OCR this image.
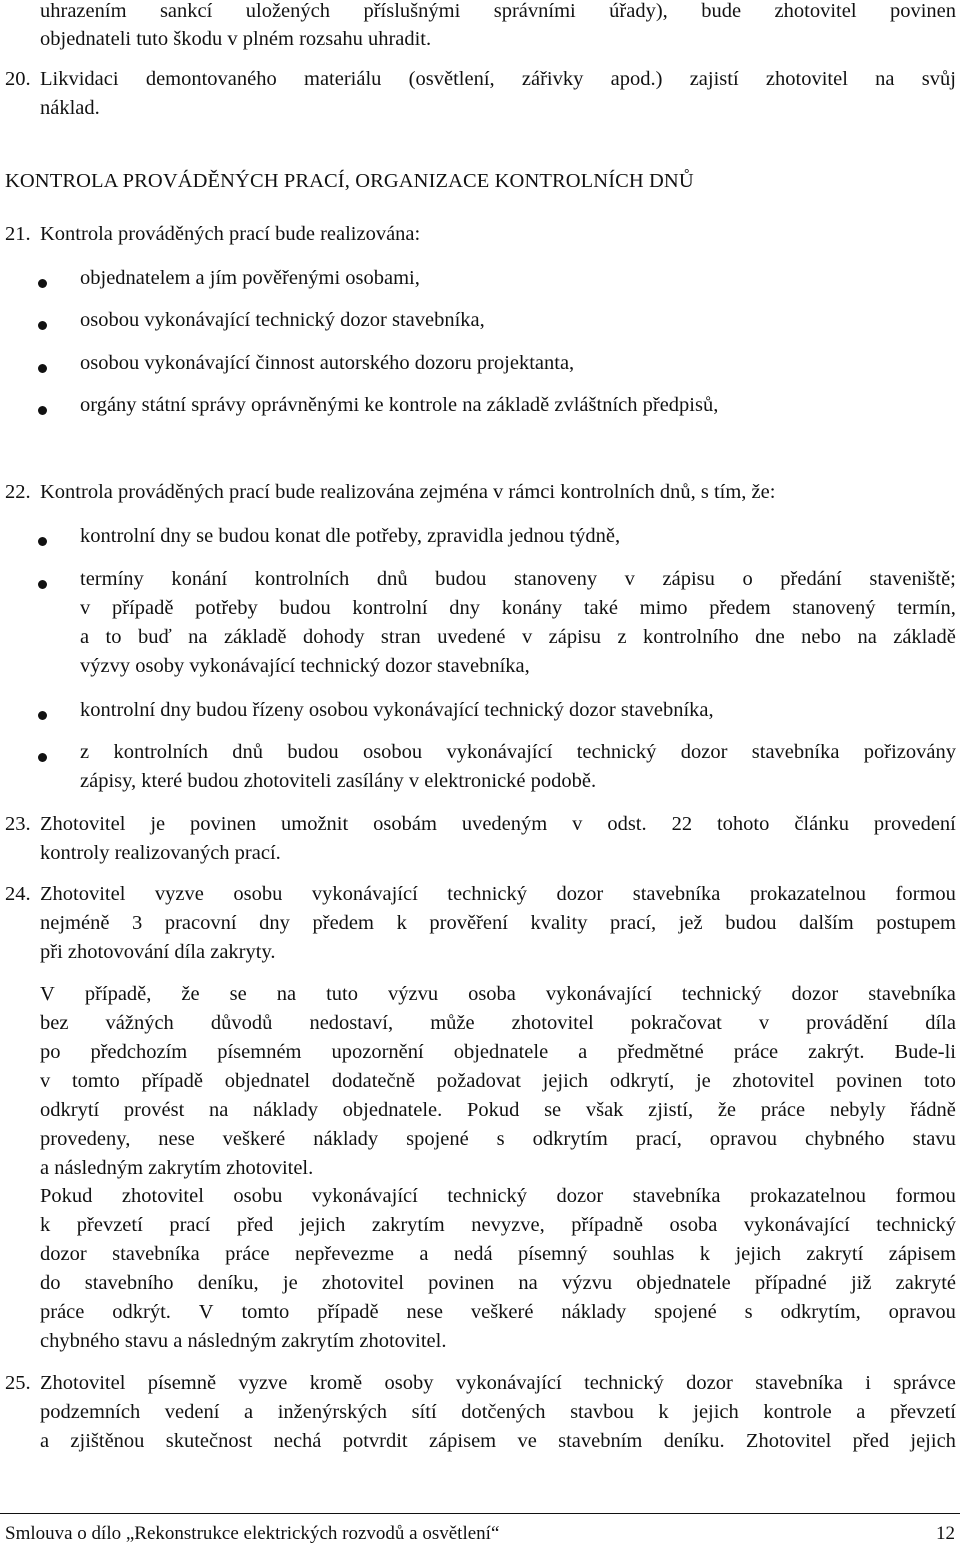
uhrazením sankcí uložených příslušnými správními úřady), bude zhotovitel povinen
objednateli tuto škodu v plném rozsahu uhradit.
20. Likvidaci demontovaného materiálu (osvětlení, zářivky apod.) zajistí zhotovitel na svůj
náklad.
KONTROLA PROVÁDĚNÝCH PRACÍ, ORGANIZACE KONTROLNÍCH DNŮ
21. Kontrola prováděných prací bude realizována:
objednatelem a jím pověřenými osobami,
osobou vykonávající technický dozor stavebníka,
osobou vykonávající činnost autorského dozoru projektanta,
orgány státní správy oprávněnými ke kontrole na základě zvláštních předpisů,
22. Kontrola prováděných prací bude realizována zejména v rámci kontrolních dnů, s tím, že:
kontrolní dny se budou konat dle potřeby, zpravidla jednou týdně,
termíny konání kontrolních dnů budou stanoveny v zápisu o předání staveniště;
v případě potřeby budou kontrolní dny konány také mimo předem stanovený termín,
a to buď na základě dohody stran uvedené v zápisu z kontrolního dne nebo na základě
výzvy osoby vykonávající technický dozor stavebníka,
kontrolní dny budou řízeny osobou vykonávající technický dozor stavebníka,
z kontrolních dnů budou osobou vykonávající technický dozor stavebníka pořizovány
zápisy, které budou zhotoviteli zasílány v elektronické podobě.
23. Zhotovitel je povinen umožnit osobám uvedeným v odst. 22 tohoto článku provedení
kontroly realizovaných prací.
24. Zhotovitel vyzve osobu vykonávající technický dozor stavebníka prokazatelnou formou
nejméně 3 pracovní dny předem k prověření kvality prací, jež budou dalším postupem
při zhotovování díla zakryty.
V případě, že se na tuto výzvu osoba vykonávající technický dozor stavebníka
bez vážných důvodů nedostaví, může zhotovitel pokračovat v provádění díla
po předchozím písemném upozornění objednatele a předmětné práce zakrýt. Bude-li
v tomto případě objednatel dodatečně požadovat jejich odkrytí, je zhotovitel povinen toto
odkrytí provést na náklady objednatele. Pokud se však zjistí, že práce nebyly řádně
provedeny, nese veškeré náklady spojené s odkrytím prací, opravou chybného stavu
a následným zakrytím zhotovitel.
Pokud zhotovitel osobu vykonávající technický dozor stavebníka prokazatelnou formou
k převzetí prací před jejich zakrytím nevyzve, případně osoba vykonávající technický
dozor stavebníka práce nepřevezme a nedá písemný souhlas k jejich zakrytí zápisem
do stavebního deníku, je zhotovitel povinen na výzvu objednatele případné již zakryté
práce odkrýt. V tomto případě nese veškeré náklady spojené s odkrytím, opravou
chybného stavu a následným zakrytím zhotovitel.
25. Zhotovitel písemně vyzve kromě osoby vykonávající technický dozor stavebníka i správce
podzemních vedení a inženýrských sítí dotčených stavbou k jejich kontrole a převzetí
a zjištěnou skutečnost nechá potvrdit zápisem ve stavebním deníku. Zhotovitel před jejich
Smlouva o dílo „Rekonstrukce elektrických rozvodů a osvětlení“	12
